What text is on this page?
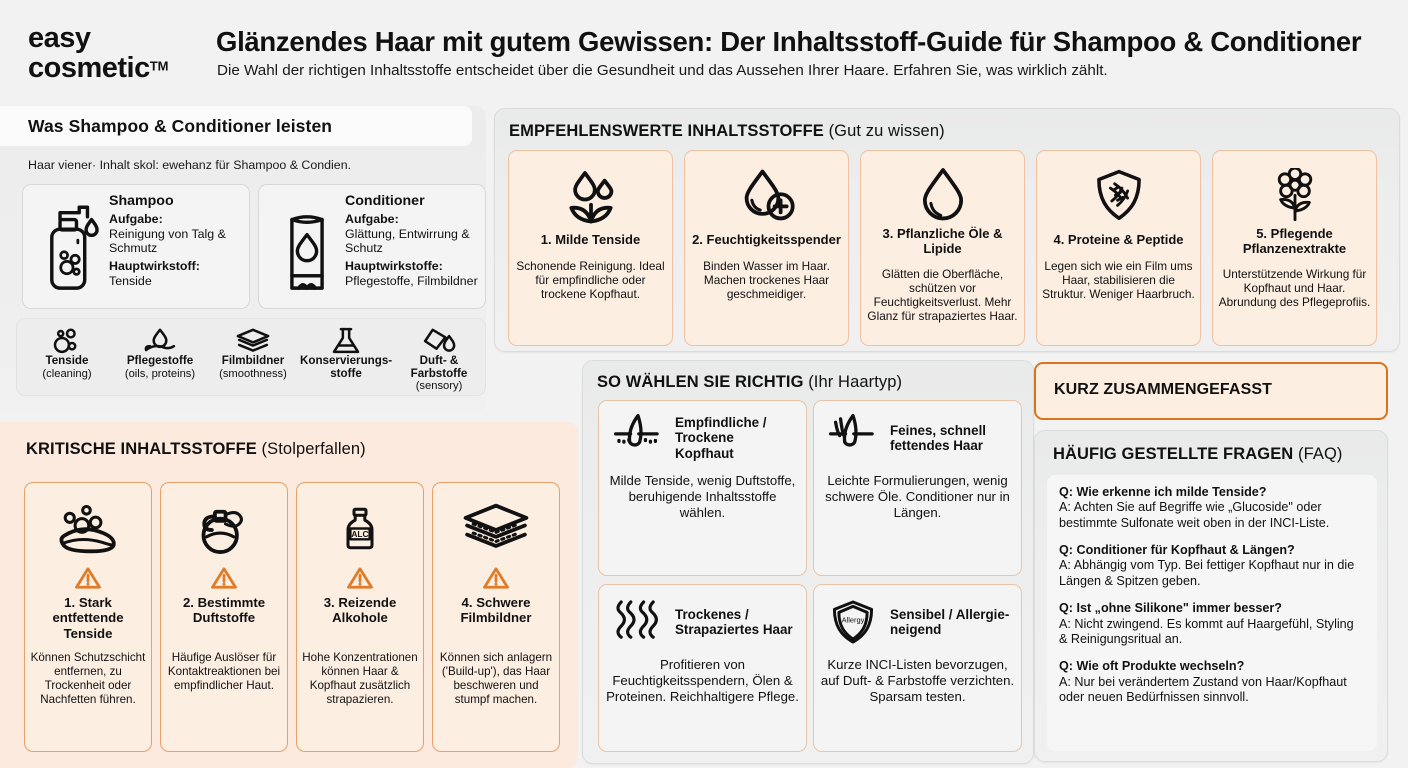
easy
cosmetic™
Glänzendes Haar mit gutem Gewissen: Der Inhaltsstoff-Guide für Shampoo & Conditioner
Die Wahl der richtigen Inhaltsstoffe entscheidet über die Gesundheit und das Aussehen Ihrer Haare. Erfahren Sie, was wirklich zählt.
Was Shampoo & Conditioner leisten
Haar viener· Inhalt skol: ewehanz für Shampoo & Condien.
Shampoo
Aufgabe:
Reinigung von Talg & Schmutz
Hauptwirkstoff:
Tenside
Conditioner
Aufgabe:
Glättung, Entwirrung & Schutz
Hauptwirkstoffe:
Pflegestoffe, Filmbildner
Tenside
(cleaning)
Pflegestoffe
(oils, proteins)
Filmbildner
(smoothness)
Konservierungs-stoffe
Duft- & Farbstoffe
(sensory)
EMPFEHLENSWERTE INHALTSSTOFFE (Gut zu wissen)
1. Milde Tenside
Schonende Reinigung. Ideal für empfindliche oder trockene Kopfhaut.
2. Feuchtigkeitsspender
Binden Wasser im Haar. Machen trockenes Haar geschmeidiger.
3. Pflanzliche Öle & Lipide
Glätten die Oberfläche, schützen vor Feuchtigkeitsverlust. Mehr Glanz für strapaziertes Haar.
4. Proteine & Peptide
Legen sich wie ein Film ums Haar, stabilisieren die Struktur. Weniger Haarbruch.
5. Pflegende Pflanzenextrakte
Unterstützende Wirkung für Kopfhaut und Haar. Abrundung des Pflegeprofiis.
KRITISCHE INHALTSSTOFFE (Stolperfallen)
1. Stark entfettende Tenside
Können Schutzschicht entfernen, zu Trockenheit oder Nachfetten führen.
2. Bestimmte Duftstoffe
Häufige Auslöser für Kontaktreaktionen bei empfindlicher Haut.
ALC
3. Reizende Alkohole
Hohe Konzentrationen können Haar & Kopfhaut zusätzlich strapazieren.
4. Schwere Filmbildner
Können sich anlagern ('Build-up'), das Haar beschweren und stumpf machen.
SO WÄHLEN SIE RICHTIG (Ihr Haartyp)
Empfindliche / Trockene Kopfhaut
Milde Tenside, wenig Duftstoffe, beruhigende Inhaltsstoffe wählen.
Feines, schnell fettendes Haar
Leichte Formulierungen, wenig schwere Öle. Conditioner nur in Längen.
Trockenes / Strapaziertes Haar
Profitieren von Feuchtigkeitsspendern, Ölen & Proteinen. Reichhaltigere Pflege.
Allergy Sensibel / Allergie-neigend
Kurze INCI-Listen bevorzugen, auf Duft- & Farbstoffe verzichten. Sparsam testen.
KURZ ZUSAMMENGEFASST
HÄUFIG GESTELLTE FRAGEN (FAQ)
Q: Wie erkenne ich milde Tenside?
A: Achten Sie auf Begriffe wie „Glucoside" oder bestimmte Sulfonate weit oben in der INCI-Liste.
Q: Conditioner für Kopfhaut & Längen?
A: Abhängig vom Typ. Bei fettiger Kopfhaut nur in die Längen & Spitzen geben.
Q: Ist „ohne Silikone" immer besser?
A: Nicht zwingend. Es kommt auf Haargefühl, Styling & Reinigungsritual an.
Q: Wie oft Produkte wechseln?
A: Nur bei verändertem Zustand von Haar/Kopfhaut oder neuen Bedürfnissen sinnvoll.
